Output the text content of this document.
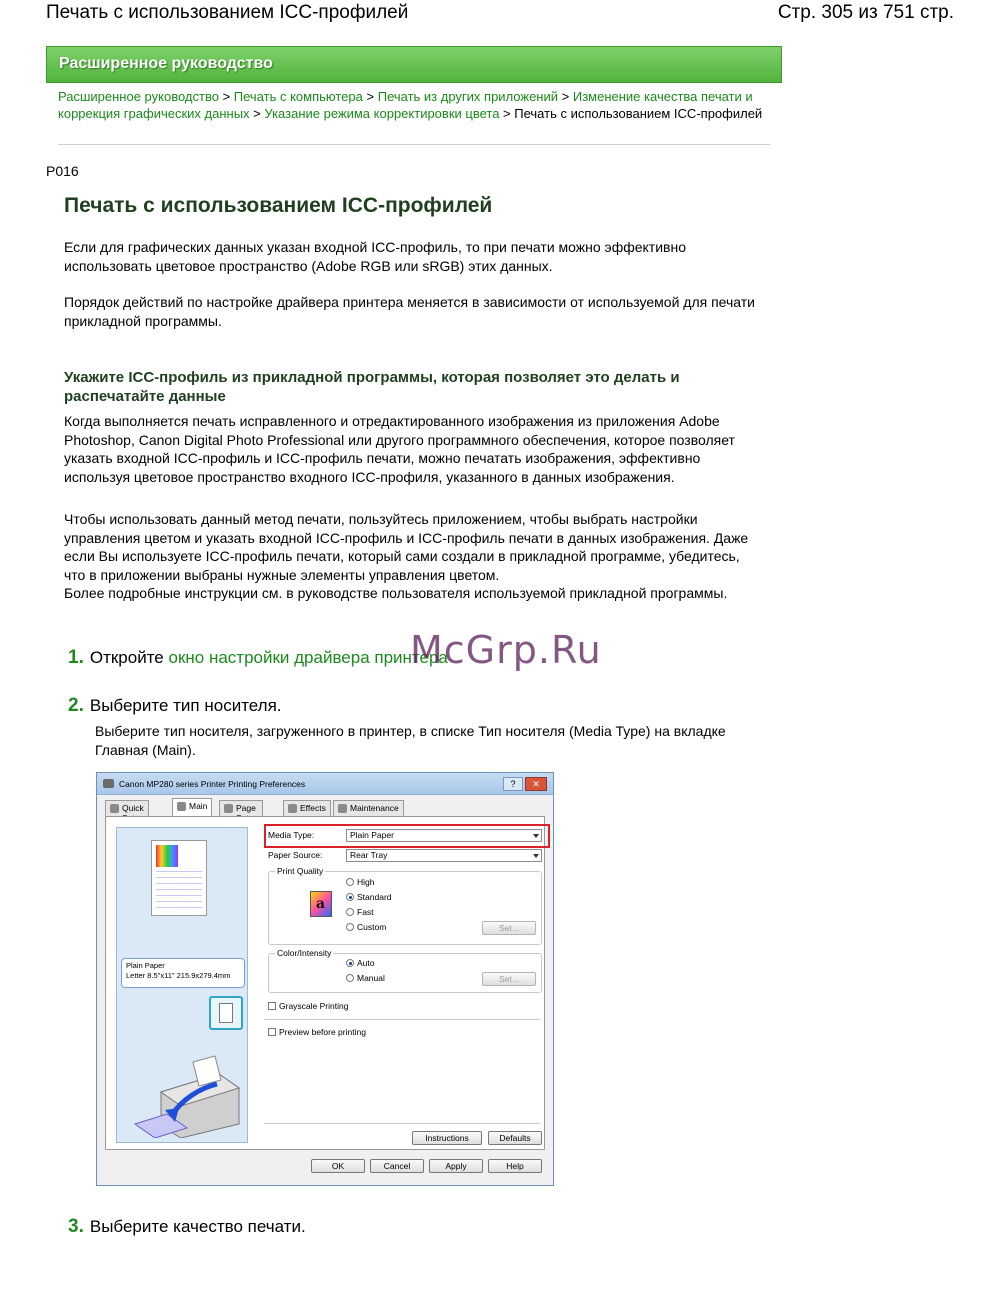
Печать с использованием ICC-профилей	Стр. 305 из 751 стр.
Расширенное руководство
Расширенное руководство > Печать с компьютера > Печать из других приложений > Изменение качества печати и коррекция графических данных > Указание режима корректировки цвета > Печать с использованием ICC-профилей
P016
Печать с использованием ICC-профилей
Если для графических данных указан входной ICC-профиль, то при печати можно эффективно использовать цветовое пространство (Adobe RGB или sRGB) этих данных.
Порядок действий по настройке драйвера принтера меняется в зависимости от используемой для печати прикладной программы.
Укажите ICC-профиль из прикладной программы, которая позволяет это делать и распечатайте данные
Когда выполняется печать исправленного и отредактированного изображения из приложения Adobe Photoshop, Canon Digital Photo Professional или другого программного обеспечения, которое позволяет указать входной ICC-профиль и ICC-профиль печати, можно печатать изображения, эффективно используя цветовое пространство входного ICC-профиля, указанного в данных изображения.
Чтобы использовать данный метод печати, пользуйтесь приложением, чтобы выбрать настройки управления цветом и указать входной ICC-профиль и ICC-профиль печати в данных изображения. Даже если Вы используете ICC-профиль печати, который сами создали в прикладной программе, убедитесь, что в приложении выбраны нужные элементы управления цветом.
Более подробные инструкции см. в руководстве пользователя используемой прикладной программы.
1. Откройте окно настройки драйвера принтера
McGrp.Ru
2. Выберите тип носителя.
Выберите тип носителя, загруженного в принтер, в списке Тип носителя (Media Type) на вкладке Главная (Main).
Canon MP280 series Printer Printing Preferences	?	✕
Quick	Main	Page	Effects	Maintenance
Plain Paper
Letter 8.5"x11" 215.9x279.4mm
Media Type:	Plain Paper
Paper Source:	Rear Tray
Print Quality
a
High
Standard
Fast
Custom	Set...
Color/Intensity
Auto
Manual	Set...
Grayscale Printing
Preview before printing
Instructions	Defaults
OK	Cancel	Apply	Help
3. Выберите качество печати.
